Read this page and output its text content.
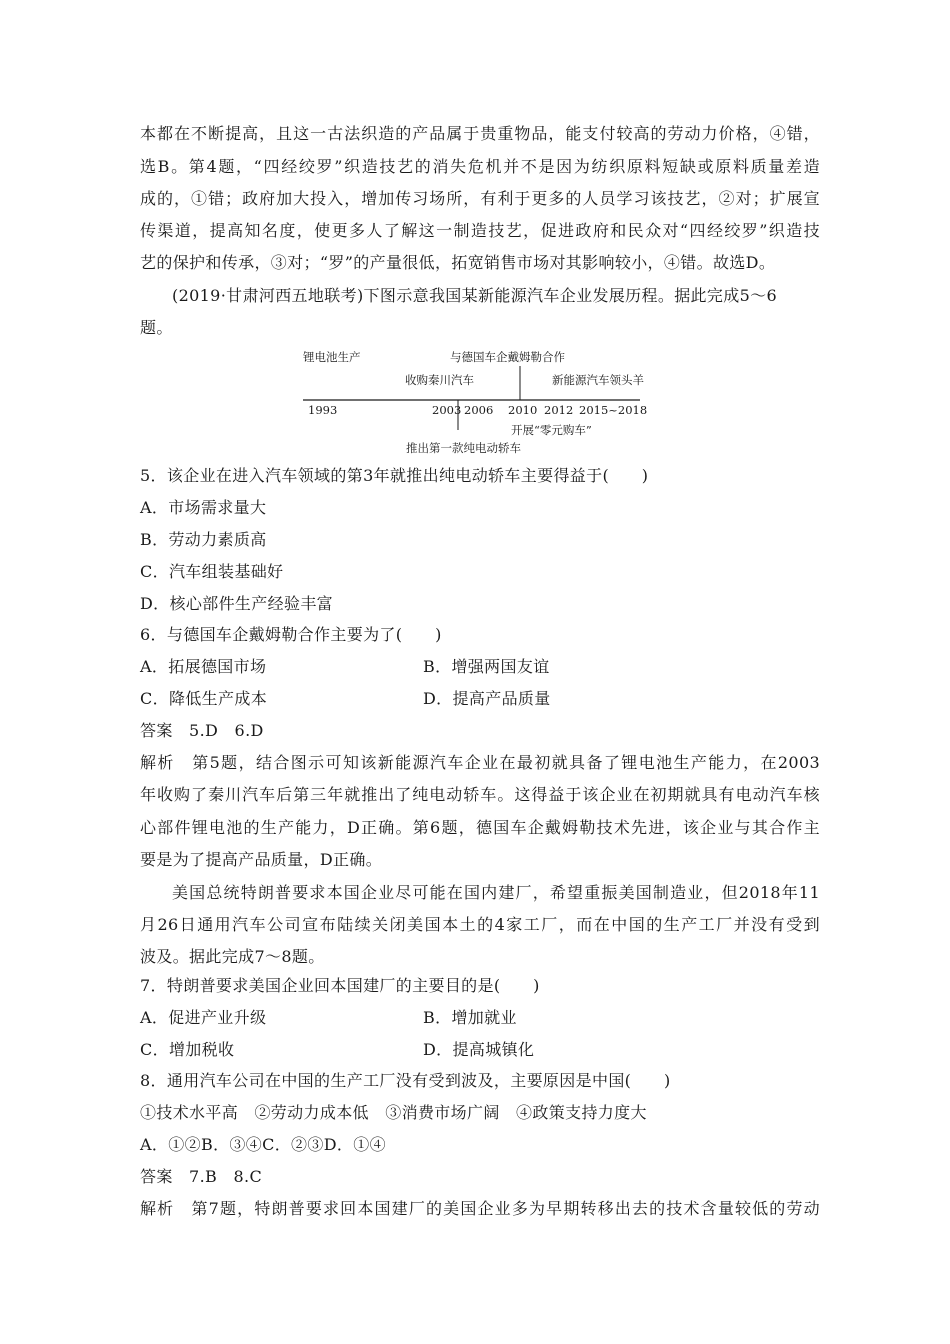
本都在不断提高，且这一古法织造的产品属于贵重物品，能支付较高的劳动力价格，④错，
选B。第4题，“四经绞罗”织造技艺的消失危机并不是因为纺织原料短缺或原料质量差造
成的，①错；政府加大投入，增加传习场所，有利于更多的人员学习该技艺，②对；扩展宣
传渠道，提高知名度，使更多人了解这一制造技艺，促进政府和民众对“四经绞罗”织造技
艺的保护和传承，③对；“罗”的产量很低，拓宽销售市场对其影响较小，④错。故选D。
(2019·甘肃河西五地联考)下图示意我国某新能源汽车企业发展历程。据此完成5～6
题。
锂电池生产
收购秦川汽车
与德国车企戴姆勒合作
新能源汽车领头羊
1993	2003 2006 2010 2012 2015~2018
开展“零元购车”
推出第一款纯电动轿车
5．该企业在进入汽车领域的第3年就推出纯电动轿车主要得益于(　　)
A．市场需求量大
B．劳动力素质高
C．汽车组装基础好
D．核心部件生产经验丰富
6．与德国车企戴姆勒合作主要为了(　　)
A．拓展德国市场	B．增强两国友谊
C．降低生产成本	D．提高产品质量
答案　5.D　6.D
解析　第5题，结合图示可知该新能源汽车企业在最初就具备了锂电池生产能力，在2003
年收购了秦川汽车后第三年就推出了纯电动轿车。这得益于该企业在初期就具有电动汽车核
心部件锂电池的生产能力，D正确。第6题，德国车企戴姆勒技术先进，该企业与其合作主
要是为了提高产品质量，D正确。
美国总统特朗普要求本国企业尽可能在国内建厂，希望重振美国制造业，但2018年11
月26日通用汽车公司宣布陆续关闭美国本土的4家工厂，而在中国的生产工厂并没有受到
波及。据此完成7～8题。
7．特朗普要求美国企业回本国建厂的主要目的是(　　)
A．促进产业升级	B．增加就业
C．增加税收	D．提高城镇化
8．通用汽车公司在中国的生产工厂没有受到波及，主要原因是中国(　　)
①技术水平高　②劳动力成本低　③消费市场广阔　④政策支持力度大
A．①②B．③④C．②③D．①④
答案　7.B　8.C
解析　第7题，特朗普要求回本国建厂的美国企业多为早期转移出去的技术含量较低的劳动
